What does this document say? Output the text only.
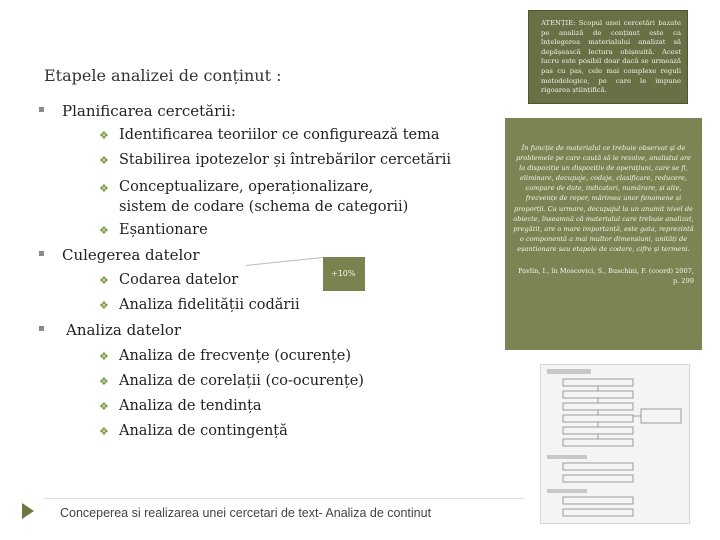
Etapele analizei de conținut :

ATENȚIE: Scopul unei cercetări bazate pe analiză de conținut este ca înțelegerea materialului analizat să depășească lectura obișnuită. Acest lucru este posibil doar dacă se urmează pas cu pas, cele mai complexe reguli metodologice, pe care le impune rigoarea științifică.

▪ Planificarea cercetării:
❖ Identificarea teoriilor ce configurează tema
❖ Stabilirea ipotezelor și întrebărilor cercetării
❖ Conceptualizare, operaționalizare, sistem de codare (schema de categorii)
❖ Eșantionare
▪ Culegerea datelor
❖ Codarea datelor
❖ Analiza fidelității codării
+10%
▪ Analiza datelor
❖ Analiza de frecvențe (ocurențe)
❖ Analiza de corelații (co-ocurențe)
❖ Analiza de tendința
❖ Analiza de contingență

În funcție de materialul ce trebuie observat și de problemele pe care caută să le rezolve, analistul are la dispoziție un dispozitiv de operațiuni, care se fi, eliminare, decupaje, codaje, clasificare, reducere, compare de date, indicatori, numărare, și alte, frecvențe de reper, mărimea unor fenomene și proporții. Ca urmare, decupajul la un anumit nivel de obiecte, înseamnă că materialul care trebuie analizat, pregătit, are o mare importanță, este gata, reprezintă o componentă a mai multor dimensiuni, unități de eșantionare sau etapele de codare, cifre și termeni.

Pavlin, I., în Moscovici, S., Buschini, F. (coord) 2007, p. 299

Conceperea si realizarea unei cercetari de text- Analiza de continut
